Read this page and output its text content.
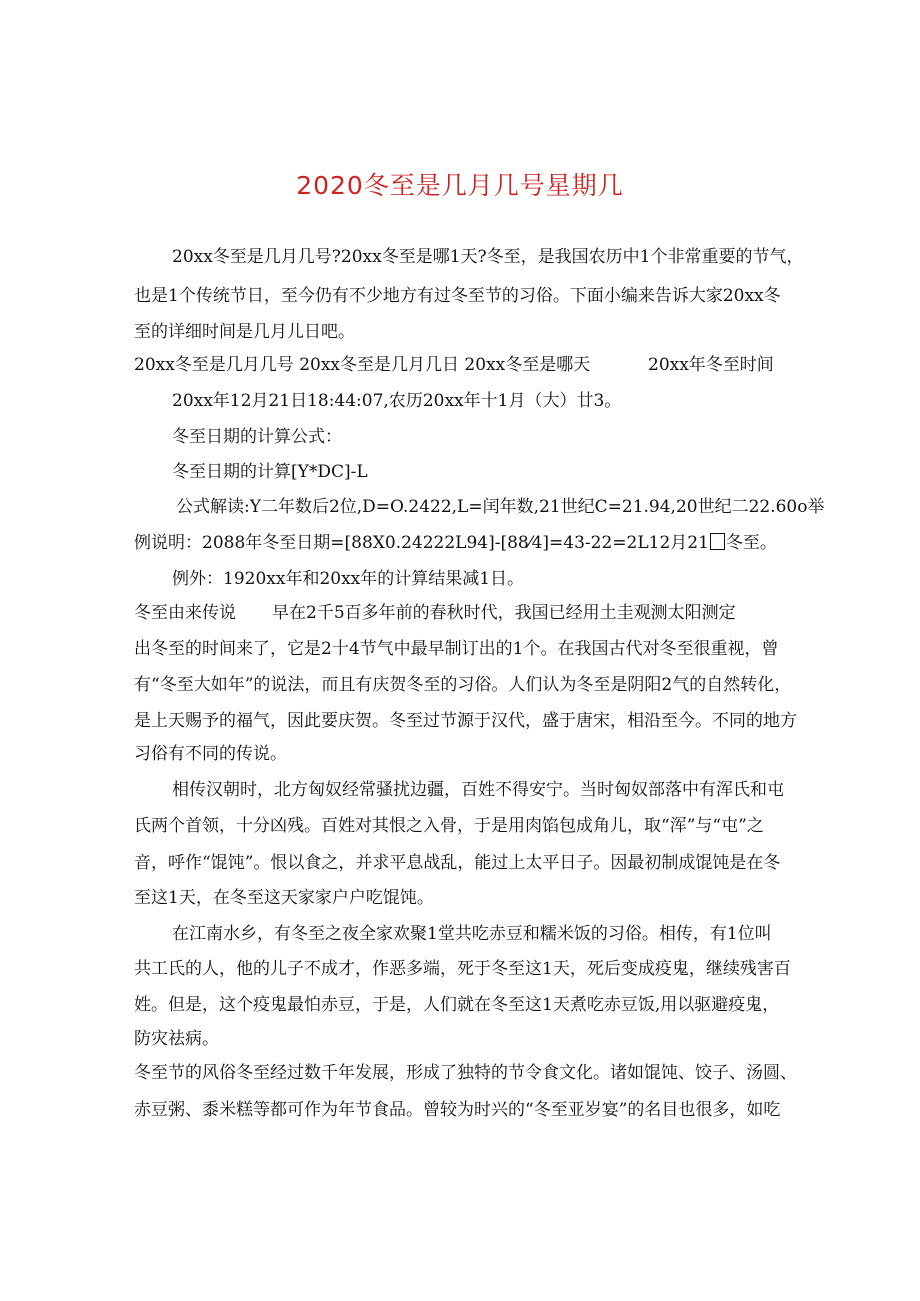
2020冬至是几月几号星期几
20xx冬至是几月几号?20xx冬至是哪1天?冬至，是我国农历中1个非常重要的节气，
也是1个传统节日，至今仍有不少地方有过冬至节的习俗。下面小编来告诉大家20xx冬
至的详细时间是几月儿日吧。
20xx冬至是几月几号 20xx冬至是几月几日 20xx冬至是哪天	20xx年冬至时间
20xx年12月21日18:44:07,农历20xx年十1月（大）廿3。
冬至日期的计算公式：
冬至日期的计算[Y*DC]-L
公式解读:Y二年数后2位,D=O.2422,L=闰年数,21世纪C=21.94,20世纪二22.60o举
例说明：2088年冬至日期=[88X0.24222L94]-[88⁄4]=43-22=2L12月21 冬至。
例外：1920xx年和20xx年的计算结果减1日。
冬至由来传说 早在2千5百多年前的春秋时代，我国已经用土圭观测太阳测定
出冬至的时间来了，它是2十4节气中最早制订出的1个。在我国古代对冬至很重视，曾
有“冬至大如年”的说法，而且有庆贺冬至的习俗。人们认为冬至是阴阳2气的自然转化，
是上天赐予的福气，因此要庆贺。冬至过节源于汉代，盛于唐宋，相沿至今。不同的地方
习俗有不同的传说。
相传汉朝时，北方匈奴经常骚扰边疆，百姓不得安宁。当时匈奴部落中有浑氏和屯
氏两个首领，十分凶残。百姓对其恨之入骨，于是用肉馅包成角儿，取“浑”与“屯”之
音，呼作“馄饨”。恨以食之，并求平息战乱，能过上太平日子。因最初制成馄饨是在冬
至这1天，在冬至这天家家户户吃馄饨。
在江南水乡，有冬至之夜全家欢聚1堂共吃赤豆和糯米饭的习俗。相传，有1位叫
共工氏的人，他的儿子不成才，作恶多端，死于冬至这1天，死后变成疫鬼，继续残害百
姓。但是，这个疫鬼最怕赤豆，于是，人们就在冬至这1天煮吃赤豆饭,用以驱避疫鬼，
防灾祛病。
冬至节的风俗冬至经过数千年发展，形成了独特的节令食文化。诸如馄饨、饺子、汤圆、
赤豆粥、黍米糕等都可作为年节食品。曾较为时兴的“冬至亚岁宴”的名目也很多，如吃
